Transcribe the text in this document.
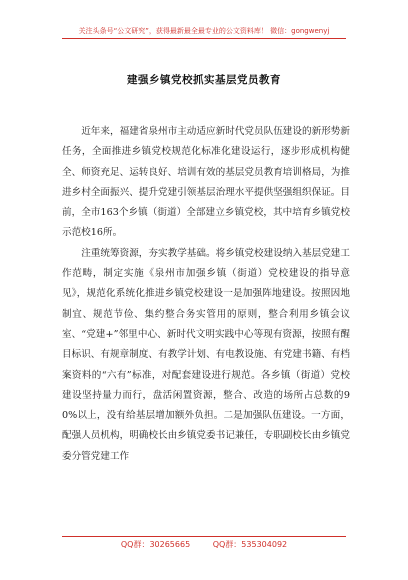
关注头条号“公文研究”，获得最新最全最专业的公文资料库！ 微信：gongwenyj
建强乡镇党校抓实基层党员教育

近年来，福建省泉州市主动适应新时代党员队伍建设的新形势新任务，全面推进乡镇党校规范化标准化建设运行，逐步形成机构健全、师资充足、运转良好、培训有效的基层党员教育培训格局，为推进乡村全面振兴、提升党建引领基层治理水平提供坚强组织保证。目前，全市163个乡镇（街道）全部建立乡镇党校，其中培育乡镇党校示范校16所。

注重统筹资源，夯实教学基础。将乡镇党校建设纳入基层党建工作范畴，制定实施《泉州市加强乡镇（街道）党校建设的指导意见》，规范化系统化推进乡镇党校建设一是加强阵地建设。按照因地制宜、规范节俭、集约整合务实管用的原则，整合利用乡镇会议室、“党建+”邻里中心、新时代文明实践中心等现有资源，按照有醒目标识、有规章制度、有教学计划、有电教设施、有党建书籍、有档案资料的“六有”标准，对配套建设进行规范。各乡镇（街道）党校建设坚持量力而行，盘活闲置资源，整合、改造的场所占总数的90%以上，没有给基层增加额外负担。二是加强队伍建设。一方面，配强人员机构，明确校长由乡镇党委书记兼任，专职副校长由乡镇党委分管党建工作

QQ群：30265665	QQ群：535304092
